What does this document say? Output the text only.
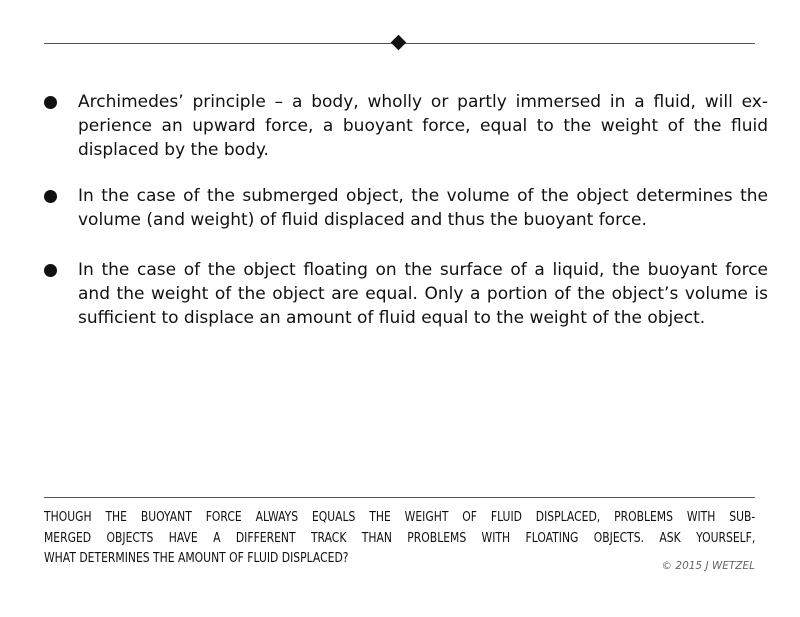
Archimedes’ principle – a body, wholly or partly immersed in a fluid, will ex-
perience an upward force, a buoyant force, equal to the weight of the fluid
displaced by the body.
In the case of the submerged object, the volume of the object determines the
volume (and weight) of fluid displaced and thus the buoyant force.
In the case of the object floating on the surface of a liquid, the buoyant force
and the weight of the object are equal. Only a portion of the object’s volume is
sufficient to displace an amount of fluid equal to the weight of the object.
THOUGH THE BUOYANT FORCE ALWAYS EQUALS THE WEIGHT OF FLUID DISPLACED, PROBLEMS WITH SUB-
MERGED OBJECTS HAVE A DIFFERENT TRACK THAN PROBLEMS WITH FLOATING OBJECTS. ASK YOURSELF,
WHAT DETERMINES THE AMOUNT OF FLUID DISPLACED?	© 2015 J WETZEL
